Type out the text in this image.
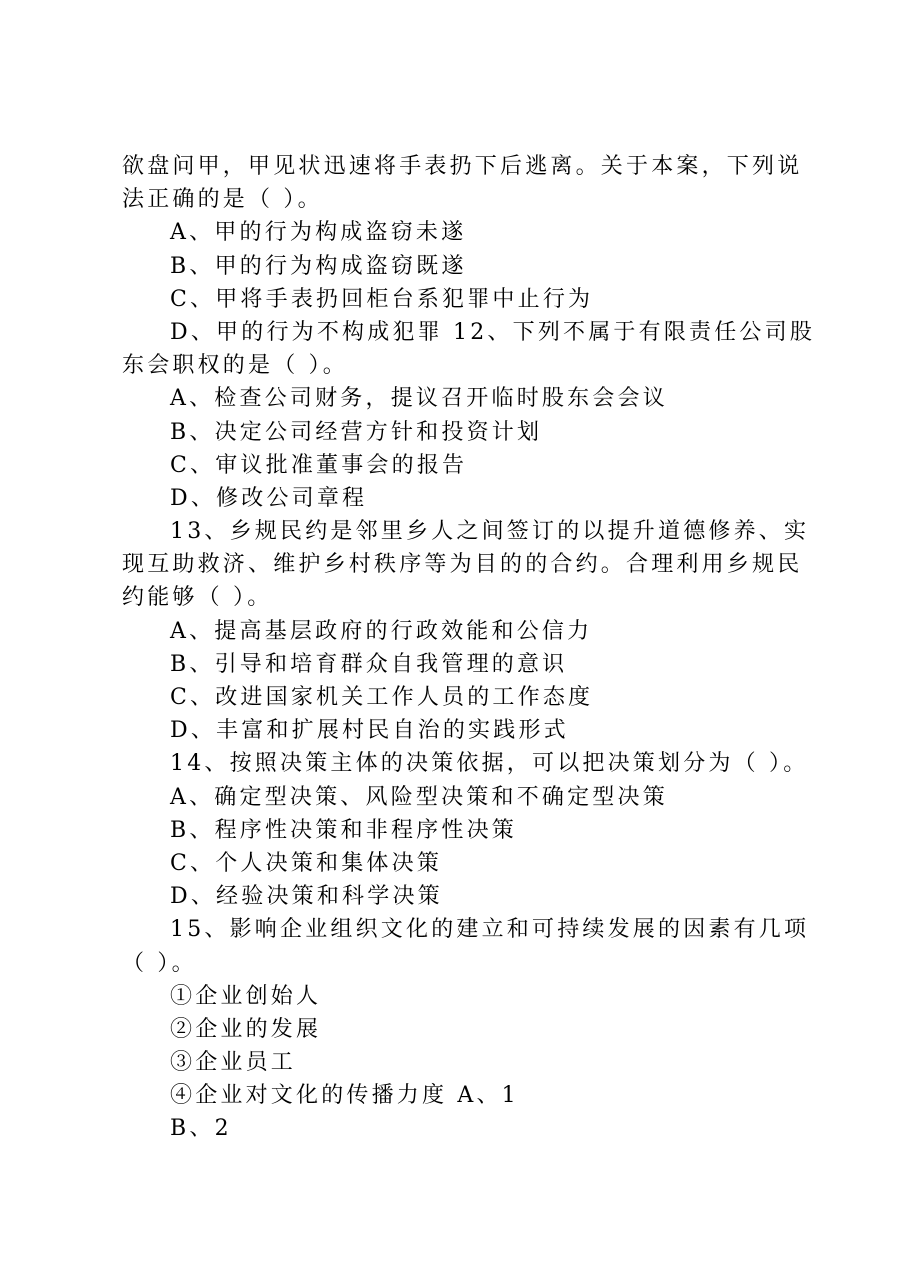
欲盘问甲，甲见状迅速将手表扔下后逃离。关于本案，下列说
法正确的是（ ）。
A、甲的行为构成盗窃未遂
B、甲的行为构成盗窃既遂
C、甲将手表扔回柜台系犯罪中止行为
D、甲的行为不构成犯罪 12、下列不属于有限责任公司股
东会职权的是（ ）。
A、检查公司财务，提议召开临时股东会会议
B、决定公司经营方针和投资计划
C、审议批准董事会的报告
D、修改公司章程
13、乡规民约是邻里乡人之间签订的以提升道德修养、实
现互助救济、维护乡村秩序等为目的的合约。合理利用乡规民
约能够（ ）。
A、提高基层政府的行政效能和公信力
B、引导和培育群众自我管理的意识
C、改进国家机关工作人员的工作态度
D、丰富和扩展村民自治的实践形式
14、按照决策主体的决策依据，可以把决策划分为（ ）。
A、确定型决策、风险型决策和不确定型决策
B、程序性决策和非程序性决策
C、个人决策和集体决策
D、经验决策和科学决策
15、影响企业组织文化的建立和可持续发展的因素有几项
（ ）。
①企业创始人
②企业的发展
③企业员工
④企业对文化的传播力度 A、1
B、2
